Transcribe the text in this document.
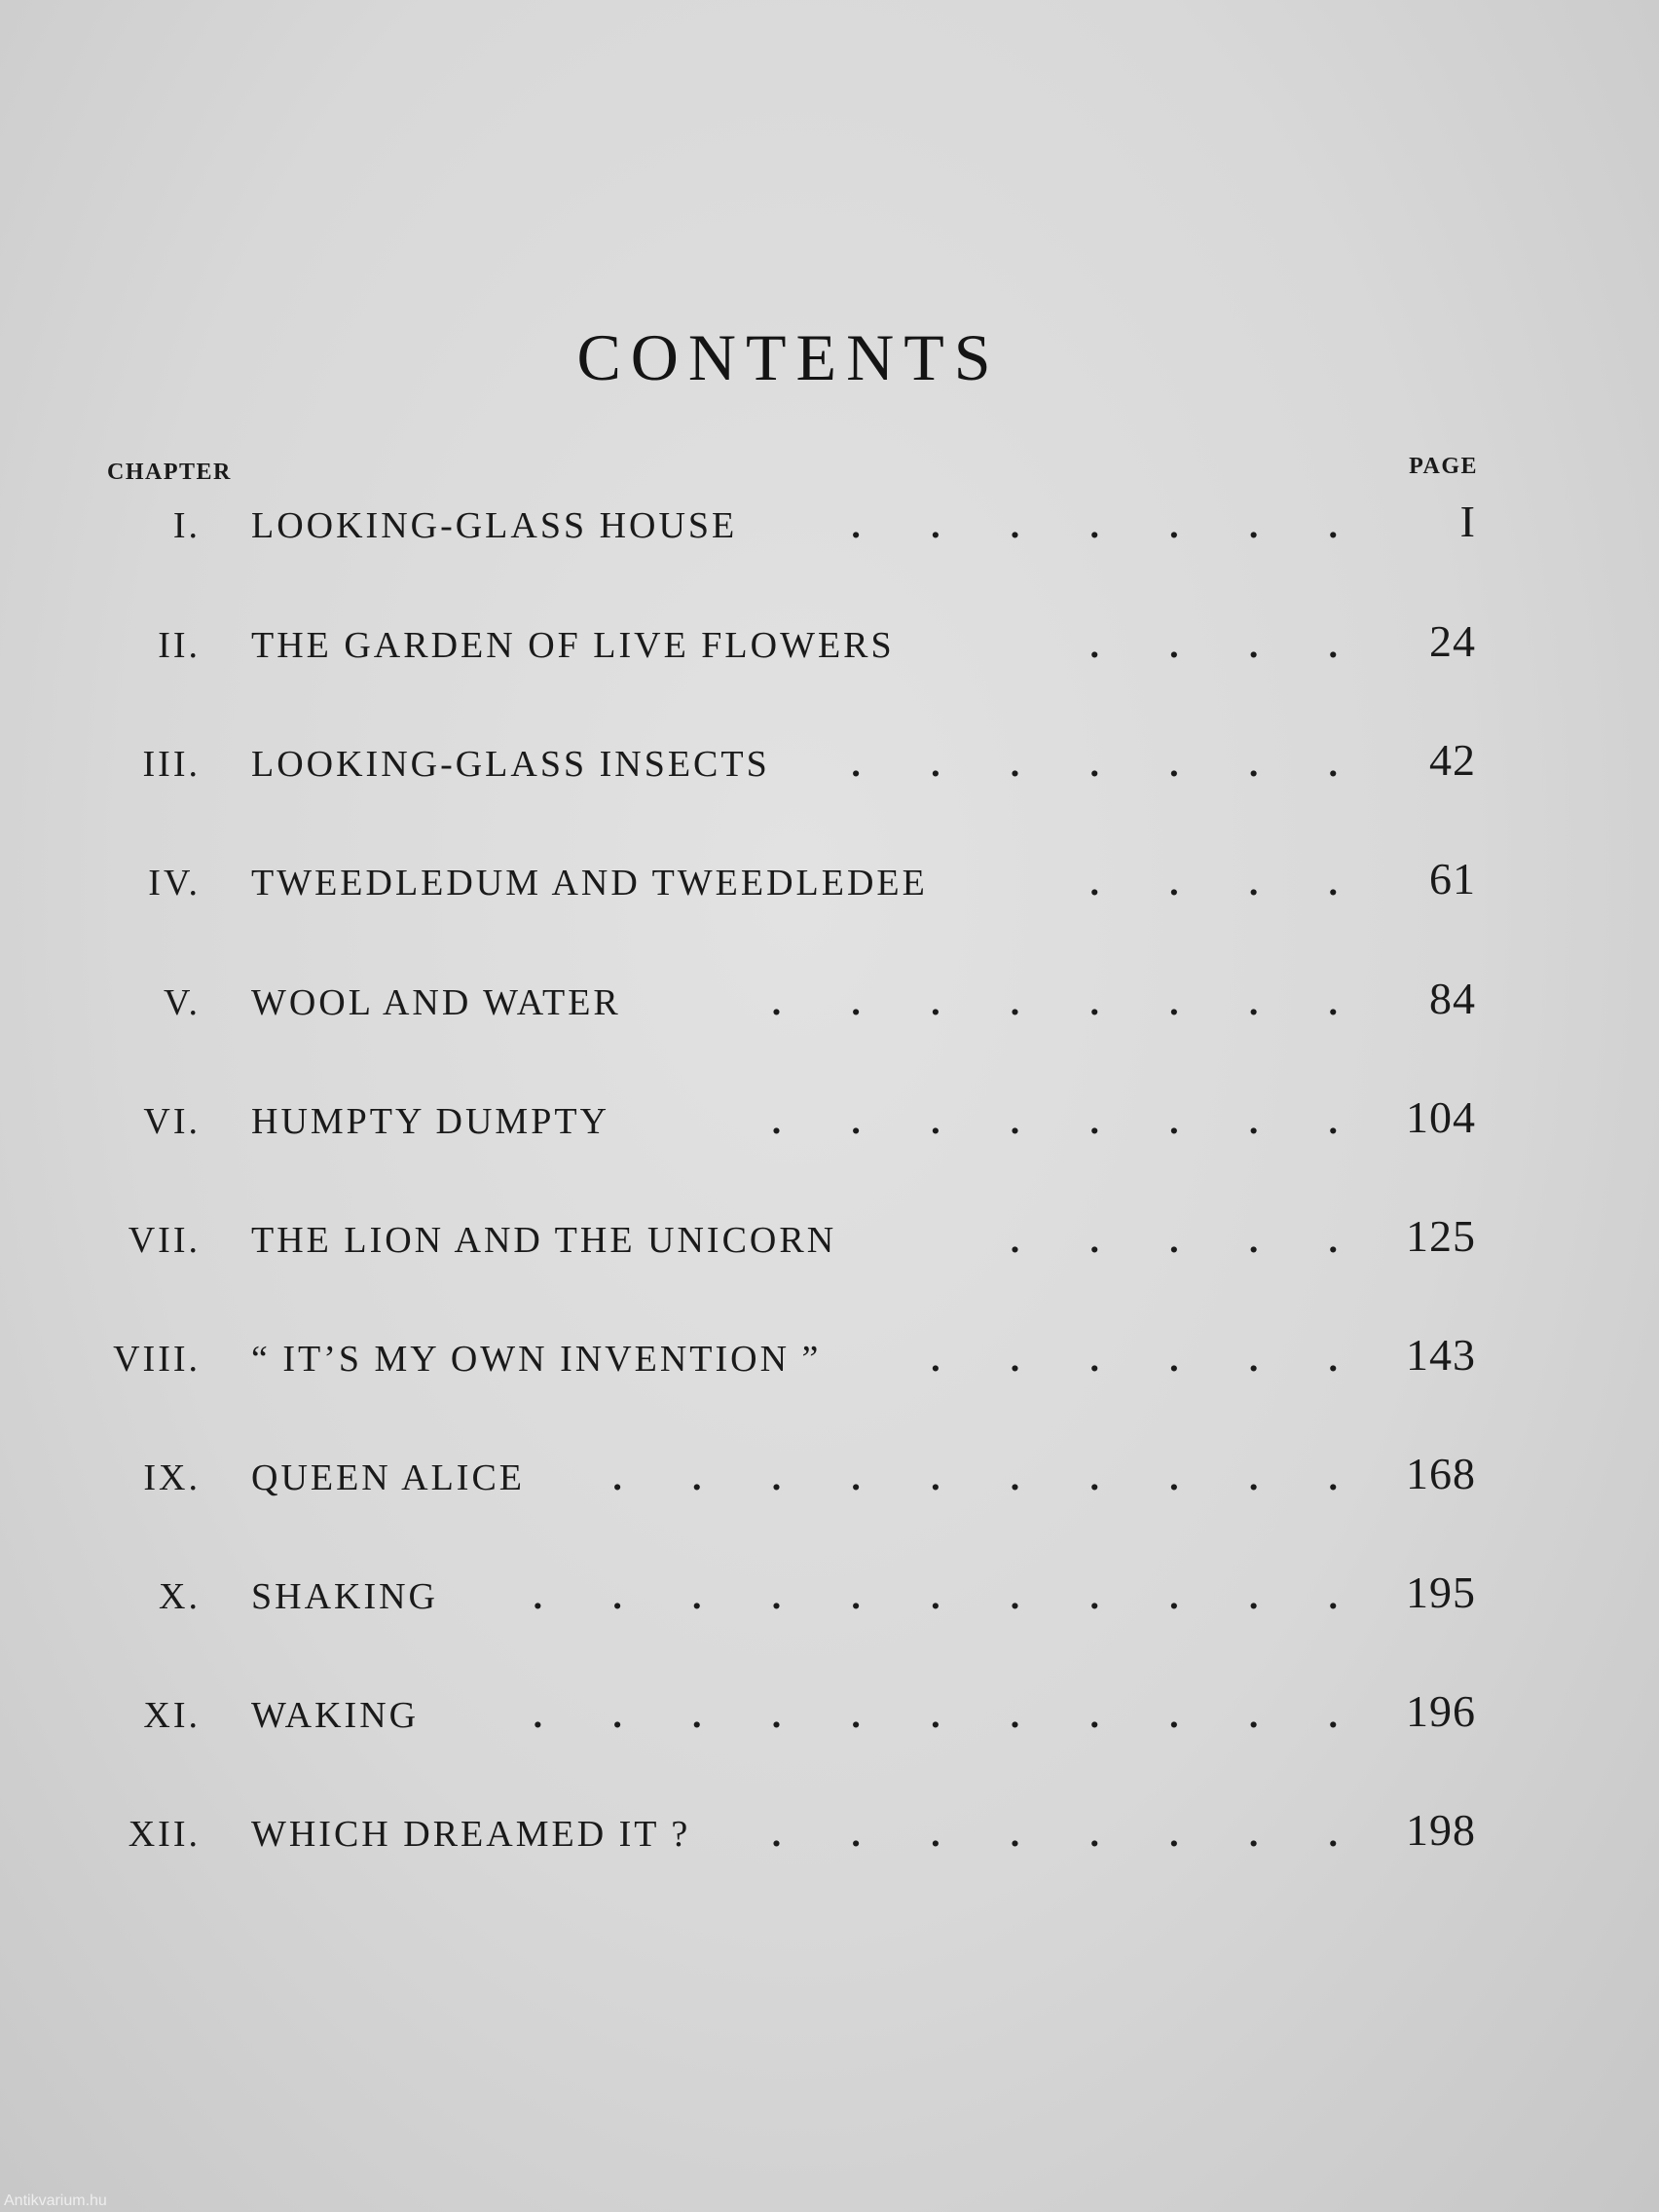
CONTENTS
CHAPTER	PAGE
I. LOOKING-GLASS HOUSE	. . . . . . .	I
II. THE GARDEN OF LIVE FLOWERS	. . . . 24
III. LOOKING-GLASS INSECTS	. . . . . . . 42
IV. TWEEDLEDUM AND TWEEDLEDEE	. . . . 61
V. WOOL AND WATER	. . . . . . . . 84
VI. HUMPTY DUMPTY	. . . . . . . . 104
VII. THE LION AND THE UNICORN	. . . . . 125
VIII. “ IT’S MY OWN INVENTION ”	. . . . . . 143
IX. QUEEN ALICE	. . . . . . . . . . 168
X. SHAKING	. . . . . . . . . . . 195
XI. WAKING	. . . . . . . . . . . 196
XII. WHICH DREAMED IT ?	. . . . . . . . 198
Antikvarium.hu
